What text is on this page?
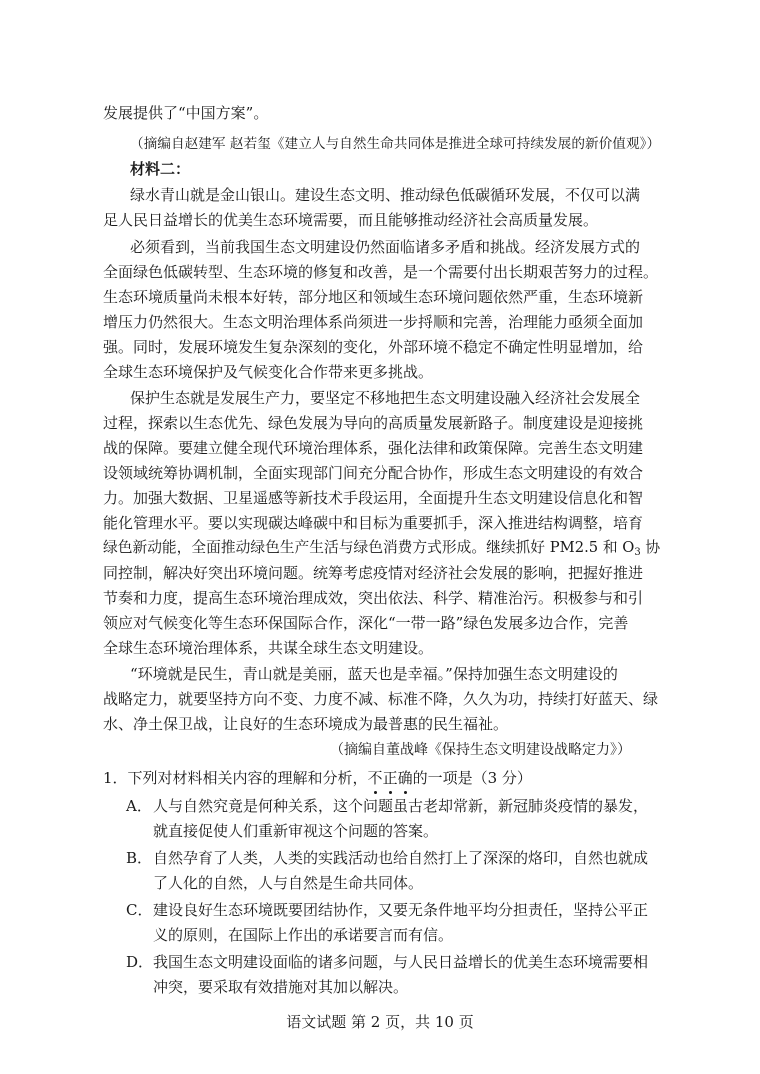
发展提供了“中国方案”。
（摘编自赵建军 赵若玺《建立人与自然生命共同体是推进全球可持续发展的新价值观》）
材料二：
绿水青山就是金山银山。建设生态文明、推动绿色低碳循环发展，不仅可以满
足人民日益增长的优美生态环境需要，而且能够推动经济社会高质量发展。
必须看到，当前我国生态文明建设仍然面临诸多矛盾和挑战。经济发展方式的
全面绿色低碳转型、生态环境的修复和改善，是一个需要付出长期艰苦努力的过程。
生态环境质量尚未根本好转，部分地区和领域生态环境问题依然严重，生态环境新
增压力仍然很大。生态文明治理体系尚须进一步捋顺和完善，治理能力亟须全面加
强。同时，发展环境发生复杂深刻的变化，外部环境不稳定不确定性明显增加，给
全球生态环境保护及气候变化合作带来更多挑战。
保护生态就是发展生产力，要坚定不移地把生态文明建设融入经济社会发展全
过程，探索以生态优先、绿色发展为导向的高质量发展新路子。制度建设是迎接挑
战的保障。要建立健全现代环境治理体系，强化法律和政策保障。完善生态文明建
设领域统筹协调机制，全面实现部门间充分配合协作，形成生态文明建设的有效合
力。加强大数据、卫星遥感等新技术手段运用，全面提升生态文明建设信息化和智
能化管理水平。要以实现碳达峰碳中和目标为重要抓手，深入推进结构调整，培育
绿色新动能，全面推动绿色生产生活与绿色消费方式形成。继续抓好 PM2.5 和 $O_3$ 协
同控制，解决好突出环境问题。统筹考虑疫情对经济社会发展的影响，把握好推进
节奏和力度，提高生态环境治理成效，突出依法、科学、精准治污。积极参与和引
领应对气候变化等生态环保国际合作，深化“一带一路”绿色发展多边合作，完善
全球生态环境治理体系，共谋全球生态文明建设。
“环境就是民生，青山就是美丽，蓝天也是幸福。”保持加强生态文明建设的
战略定力，就要坚持方向不变、力度不减、标准不降，久久为功，持续打好蓝天、绿
水、净土保卫战，让良好的生态环境成为最普惠的民生福祉。
（摘编自董战峰《保持生态文明建设战略定力》）
1．下列对材料相关内容的理解和分析，不正确的一项是（3 分）
A． 人与自然究竟是何种关系，这个问题虽古老却常新，新冠肺炎疫情的暴发，
就直接促使人们重新审视这个问题的答案。
B． 自然孕育了人类，人类的实践活动也给自然打上了深深的烙印，自然也就成
了人化的自然，人与自然是生命共同体。
C． 建设良好生态环境既要团结协作，又要无条件地平均分担责任，坚持公平正
义的原则，在国际上作出的承诺要言而有信。
D． 我国生态文明建设面临的诸多问题，与人民日益增长的优美生态环境需要相
冲突，要采取有效措施对其加以解决。
语文试题 第 2 页，共 10 页
